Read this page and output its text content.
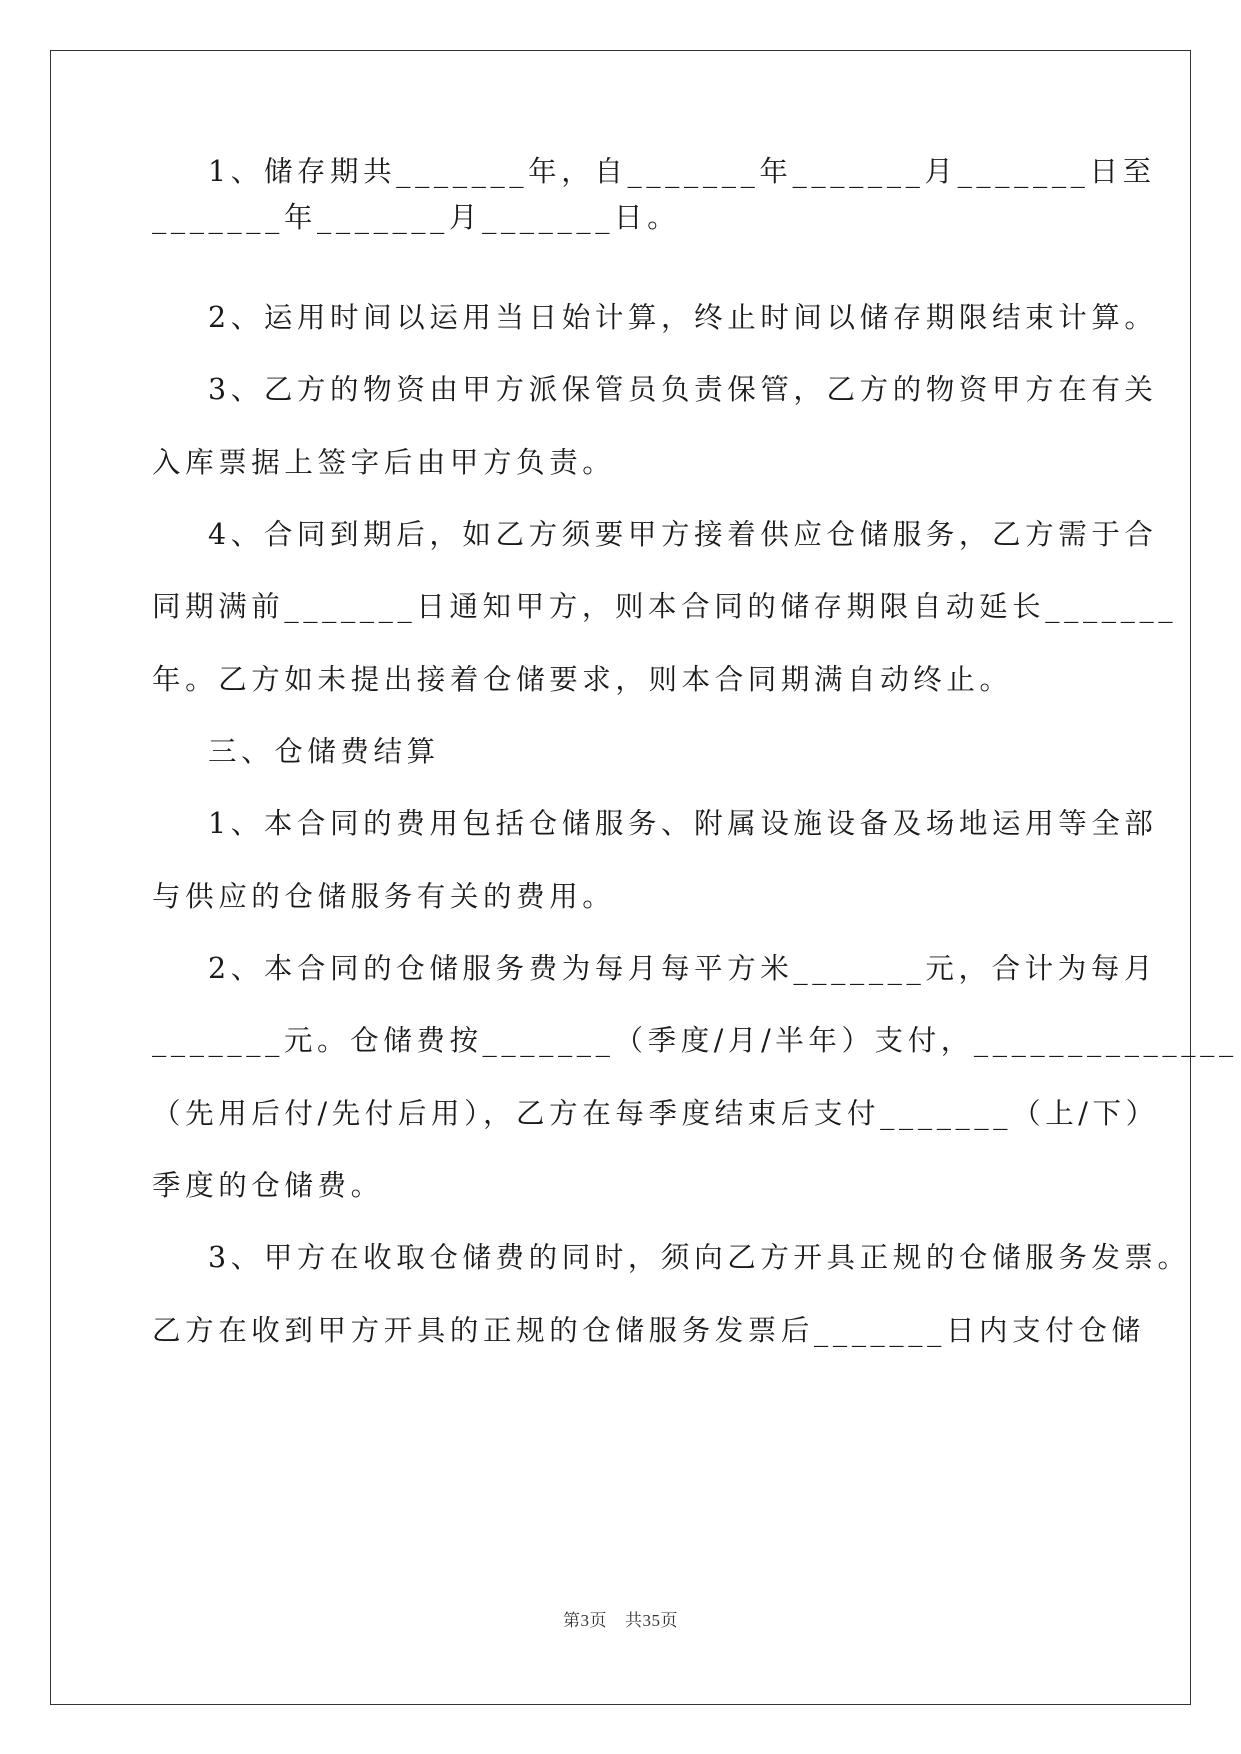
1、储存期共_______年，自_______年_______月_______日至
_______年_______月_______日。
2、运用时间以运用当日始计算，终止时间以储存期限结束计算。
3、乙方的物资由甲方派保管员负责保管，乙方的物资甲方在有关
入库票据上签字后由甲方负责。
4、合同到期后，如乙方须要甲方接着供应仓储服务，乙方需于合
同期满前_______日通知甲方，则本合同的储存期限自动延长_______
年。乙方如未提出接着仓储要求，则本合同期满自动终止。
三、仓储费结算
1、本合同的费用包括仓储服务、附属设施设备及场地运用等全部
与供应的仓储服务有关的费用。
2、本合同的仓储服务费为每月每平方米_______元，合计为每月
_______元。仓储费按_______（季度/月/半年）支付，______________
（先用后付/先付后用），乙方在每季度结束后支付_______（上/下）
季度的仓储费。
3、甲方在收取仓储费的同时，须向乙方开具正规的仓储服务发票。
乙方在收到甲方开具的正规的仓储服务发票后_______日内支付仓储
第3页 共35页
